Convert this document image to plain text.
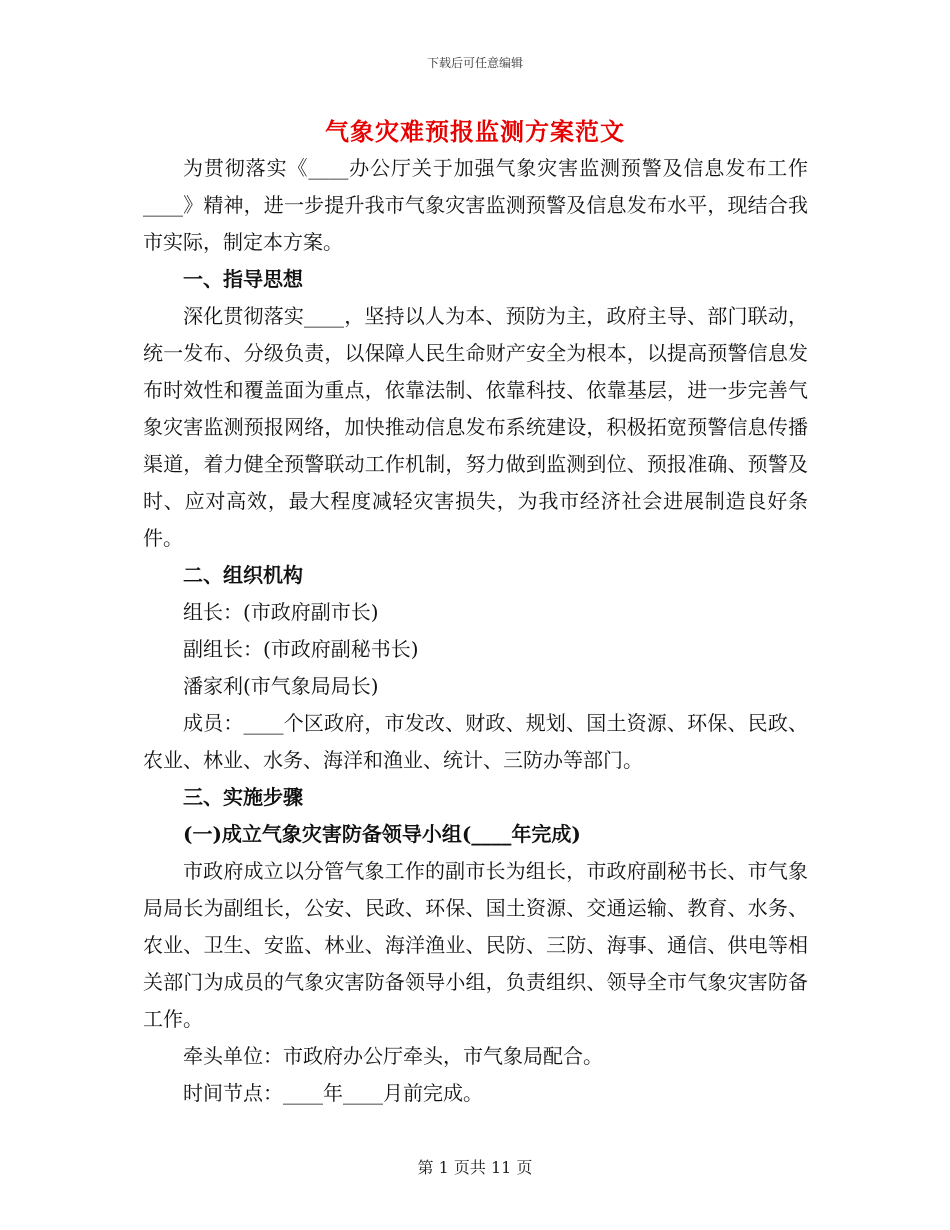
下载后可任意编辑
气象灾难预报监测方案范文

为贯彻落实《____办公厅关于加强气象灾害监测预警及信息发布工作____》精神，进一步提升我市气象灾害监测预警及信息发布水平，现结合我市实际，制定本方案。

一、指导思想

深化贯彻落实____，坚持以人为本、预防为主，政府主导、部门联动，统一发布、分级负责，以保障人民生命财产安全为根本，以提高预警信息发布时效性和覆盖面为重点，依靠法制、依靠科技、依靠基层，进一步完善气象灾害监测预报网络，加快推动信息发布系统建设，积极拓宽预警信息传播渠道，着力健全预警联动工作机制，努力做到监测到位、预报准确、预警及时、应对高效，最大程度减轻灾害损失，为我市经济社会进展制造良好条件。

二、组织机构

组长：(市政府副市长)

副组长：(市政府副秘书长)

潘家利(市气象局局长)

成员：____个区政府，市发改、财政、规划、国土资源、环保、民政、农业、林业、水务、海洋和渔业、统计、三防办等部门。

三、实施步骤

(一)成立气象灾害防备领导小组(____年完成)

市政府成立以分管气象工作的副市长为组长，市政府副秘书长、市气象局局长为副组长，公安、民政、环保、国土资源、交通运输、教育、水务、农业、卫生、安监、林业、海洋渔业、民防、三防、海事、通信、供电等相关部门为成员的气象灾害防备领导小组，负责组织、领导全市气象灾害防备工作。

牵头单位：市政府办公厅牵头，市气象局配合。

时间节点：____年____月前完成。

第 1 页共 11 页
